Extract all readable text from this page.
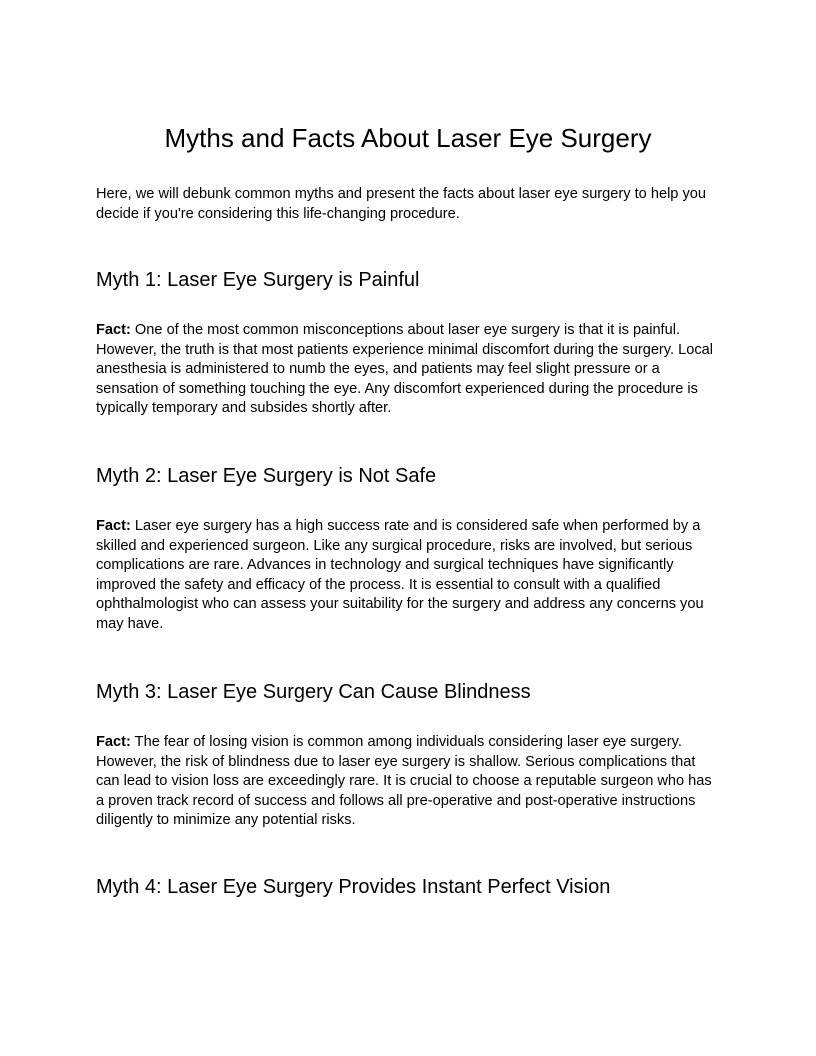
Myths and Facts About Laser Eye Surgery

Here, we will debunk common myths and present the facts about laser eye surgery to help you decide if you're considering this life-changing procedure.

Myth 1: Laser Eye Surgery is Painful

Fact: One of the most common misconceptions about laser eye surgery is that it is painful. However, the truth is that most patients experience minimal discomfort during the surgery. Local anesthesia is administered to numb the eyes, and patients may feel slight pressure or a sensation of something touching the eye. Any discomfort experienced during the procedure is typically temporary and subsides shortly after.

Myth 2: Laser Eye Surgery is Not Safe

Fact: Laser eye surgery has a high success rate and is considered safe when performed by a skilled and experienced surgeon. Like any surgical procedure, risks are involved, but serious complications are rare. Advances in technology and surgical techniques have significantly improved the safety and efficacy of the process. It is essential to consult with a qualified ophthalmologist who can assess your suitability for the surgery and address any concerns you may have.

Myth 3: Laser Eye Surgery Can Cause Blindness

Fact: The fear of losing vision is common among individuals considering laser eye surgery. However, the risk of blindness due to laser eye surgery is shallow. Serious complications that can lead to vision loss are exceedingly rare. It is crucial to choose a reputable surgeon who has a proven track record of success and follows all pre-operative and post-operative instructions diligently to minimize any potential risks.

Myth 4: Laser Eye Surgery Provides Instant Perfect Vision
